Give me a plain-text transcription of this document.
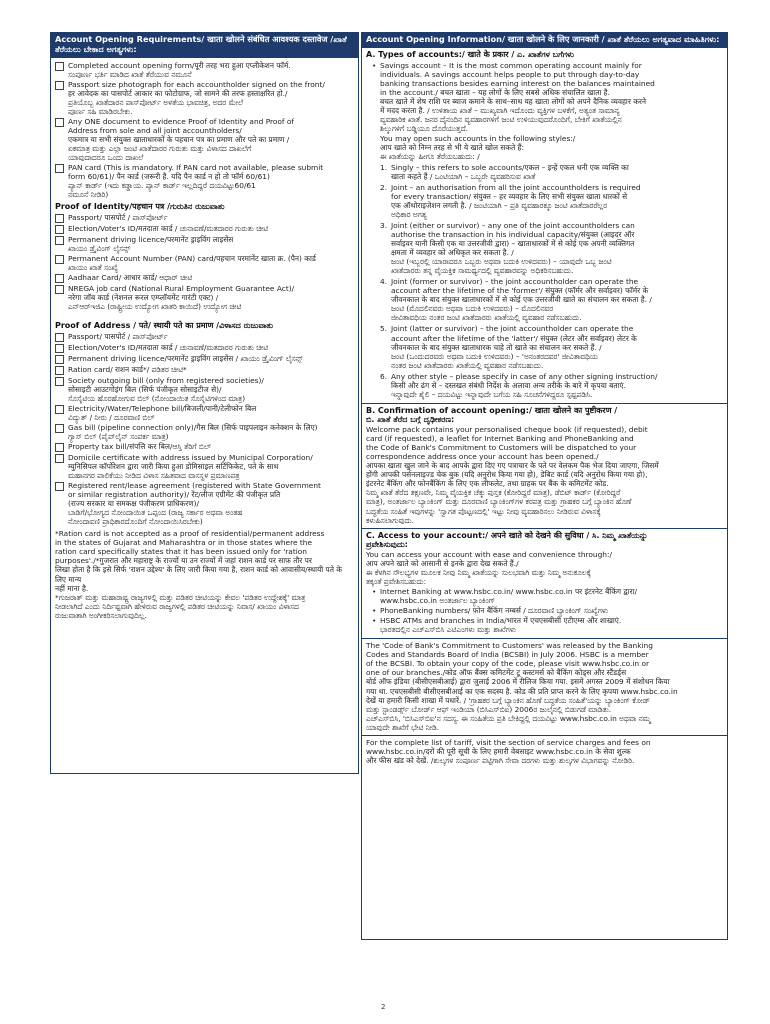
Account Opening Requirements/ खाता खोलने संबंधित आवश्यक दस्तावेज /ಖಾತೆ ತೆರೆಯಲು ಬೇಕಾದ ಅಗತ್ಯಗಳು:
Completed account opening form/पूरी तरह भरा हुआ एप्लीकेशन फॉर्म.
ಸಂಪೂರ್ಣ ಭರ್ತಿ ಮಾಡಿದ ಖಾತೆ ತೆರೆಯುವ ನಮೂನೆ
Passport size photograph for each accountholder signed on the front/
हर आवेदक का पासपोर्ट आकार का फोटोग्राफ, जो सामने की तरफ हस्ताक्षरित हो./
ಪ್ರತಿಯೊಬ್ಬ ಖಾತೆದಾರನ ಪಾಸ್‌ಪೋರ್ಟ್ ಅಳತೆಯ ಭಾವಚಿತ್ರ, ಅದರ ಮೇಲೆ
ಪೂರ್ಣ ಸಹಿ ಮಾಡಿರಬೇಕು.
Any ONE document to evidence Proof of Identity and Proof of
Address from sole and all joint accountholders/
एकमात्र या सभी संयुक्त खाताधारकों के पहचान पत्र का प्रमाण और पते का प्रमाण /
ಏಕಮಾತ್ರ ಮತ್ತು ಎಲ್ಲಾ ಜಂಟಿ ಖಾತೆದಾರರ ಗುರುತು ಮತ್ತು ವಿಳಾಸದ ದಾಖಲೆಗೆ
ಯಾವುದಾದರೂ ಒಂದು ದಾಖಲೆ
PAN card (This is mandatory. If PAN card not available, please submit
form 60/61)/ पैन कार्ड (जरूरी है. यदि पैन कार्ड न हो तो फॉर्म 60/61)
ಪ್ಯಾನ್ ಕಾರ್ಡ್ (ಇದು ಕಡ್ಡಾಯ. ಪ್ಯಾನ್ ಕಾರ್ಡ್ ಇಲ್ಲದಿದ್ದರೆ ದಯವಿಟ್ಟು60/61
ನಮೂನೆ ನೀಡಿರಿ)
Proof of Identity/पहचान पत्र /ಗುರುತಿನ ರುಜುವಾತು
Passport/ पासपोर्ट / ಪಾಸ್‌ಪೋರ್ಟ್
Election/Voter's ID/मतदाता कार्ड / ಚುನಾವಣೆ/ಮತದಾರರ ಗುರುತು ಚೀಟಿ
Permanent driving licence/परमानेंट ड्राइविंग लाइसेंस
ಖಾಯಂ ಡ್ರೈವಿಂಗ್ ಲೈಸನ್ಸ್
Permanent Account Number (PAN) card/पहचान परमानेंट खाता क्र. (पैन) कार्ड
ಖಾಯಂ ಖಾತೆ ಸಂಖ್ಯೆ
Aadhaar Card/ आधार कार्ड/ ಆಧಾರ್ ಚೀಟಿ
NREGA job card (National Rural Employment Guarantee Act)/
नरेगा जॉब कार्ड (नेशनल रूरल एम्प्लॉयमेंट गारंटी एक्ट) /
ಎನ್‌ಆರ್‌ಇಜಿಎ (ರಾಷ್ಟ್ರೀಯ ಉದ್ಯೋಗ ಖಾತರಿ ಕಾಯಿದೆ) ಉದ್ಯೋಗ ಚೀಟಿ
Proof of Address / पते/ स्थायी पते का प्रमाण /ವಿಳಾಸದ ರುಜುವಾತು
Passport/ पासपोर्ट / ಪಾಸ್‌ಪೋರ್ಟ್
Election/Voter's ID/मतदाता कार्ड / ಚುನಾವಣೆ/ಮತದಾರರ ಗುರುತು ಚೀಟಿ
Permanent driving licence/परमानेंट ड्राइविंग लाइसेंस / ಖಾಯಂ ಡ್ರೈವಿಂಗ್ ಲೈಸನ್ಸ್
Ration card/ राशन कार्ड*/ ಪಡಿತರ ಚೀಟಿ*
Society outgoing bill (only from registered societies)/
सोसाइटी आउटगोइंग बिल (सिर्फ पंजीकृत सोसाइटीज से)/
ಸೊಸೈಟಿಯ ಹೊರಹೋಗುವ ಬಿಲ್ (ನೋಂದಾಯಿತ ಸೊಸೈಟಿಗಳಿಂದ ಮಾತ್ರ)
Electricity/Water/Telephone bill/बिजली/पानी/टेलीफोन बिल
ವಿದ್ಯುತ್ / ನೀರು / ದೂರವಾಣಿ ಬಿಲ್
Gas bill (pipeline connection only)/गैस बिल (सिर्फ पाइपलाइन कनेक्शन के लिए)
ಗ್ಯಾಸ್ ಬಿಲ್ (ಪೈಪ್‌ಲೈನ್ ಸಂಪರ್ಕ ಮಾತ್ರ)
Property tax bill/संपत्ति कर बिल/ಆಸ್ತಿ ತೆರಿಗೆ ಬಿಲ್
Domicile certificate with address issued by Municipal Corporation/
म्युनिसिपल कॉर्पोरेशन द्वारा जारी किया हुआ डोमिसाइल सर्टिफिकेट, पते के साथ
ಮಹಾನಗರ ಪಾಲಿಕೆಯು ನೀಡಿದ ವಿಳಾಸ ಸಹಿತವಾದ ವಾಸಸ್ಥಳ ಪ್ರಮಾಣಪತ್ರ
Registered rent/lease agreement (registered with State Government
or similar registration authority)/ रेंट/लीज एग्रीमेंट की पंजीकृत प्रति
(राज्य सरकार या समकक्ष पंजीकरण प्राधिकरण)/
ಬಾಡಿಗೆ/ಭೋಗ್ಯದ ನೋಂದಾಯಿತ ಒಪ್ಪಂದ (ರಾಜ್ಯ ಸರ್ಕಾರ ಅಥವಾ ಅಂತಹ
ನೋಂದಾವಣಿ ಪ್ರಾಧಿಕಾರದೊಂದಿಗೆ ನೋಂದಾಯಿಸಿರಬೇಕು)
*Ration card is not accepted as a proof of residential/permanent address
in the states of Gujarat and Maharashtra or in those states where the
ration card specifically states that it has been issued only for 'ration
purposes'./*गुजरात और महाराष्ट्र के राज्यों या उन राज्यों में जहां राशन कार्ड पर साफ़ तौर पर
लिखा होता है कि इसे सिर्फ 'राशन उद्देश्य' के लिए जारी किया गया है, राशन कार्ड को आवासीय/स्थायी पते के लिए मान्य
नहीं माना है.
*ಗುಜರಾತ್ ಮತ್ತು ಮಹಾರಾಷ್ಟ್ರ ರಾಜ್ಯಗಳಲ್ಲಿ ಮತ್ತು ಪಡಿತರ ಚೀಟಿಯನ್ನು ಕೇವಲ 'ಪಡಿತರ ಉದ್ದೇಶಕ್ಕೆ' ಮಾತ್ರ
ನೀಡಲಾಗಿದೆ ಎಂದು ನಿರ್ದಿಷ್ಟವಾಗಿ ಹೇಳಿರುವ ರಾಜ್ಯಗಳಲ್ಲಿ ಪಡಿತರ ಚೀಟಿಯನ್ನು ನಿವಾಸ/ ಖಾಯಂ ವಿಳಾಸದ
ರುಜುವಾತಾಗಿ ಅಂಗೀಕರಿಸಲಾಗುವುದಿಲ್ಲ.
Account Opening Information/ खाता खोलने के लिए जानकारी / ಖಾತೆ ತೆರೆಯಲು ಅಗತ್ಯವಾದ ಮಾಹಿತಿಗಳು:
A. Types of accounts:/ खाते के प्रकार / ಎ. ಖಾತೆಗಳ ಬಗೆಗಳು
• Savings account – It is the most common operating account mainly for
individuals. A savings account helps people to put through day-to-day
banking transactions besides earning interest on the balances maintained
in the account./ बचत खाता – यह लोगों के लिए सबसे अधिक संचालित खाता है.
बचत खाते में शेष राशि पर ब्याज कमाने के साथ–साथ यह खाता लोगों को अपने दैनिक व्यवहार करने
में मदद करता है. / ಉಳಿತಾಯ ಖಾತೆ – ಮುಖ್ಯವಾಗಿ ಇದೊಂದು ವ್ಯಕ್ತಿಗಳ ಬಳಕೆಗೆ, ಅತ್ಯಂತ ಸಾಮಾನ್ಯ
ವ್ಯವಹಾರಿಕ ಖಾತೆ. ಜನರ ದೈನಂದಿನ ವ್ಯವಹಾರಗಳಿಗೆ ಜಂಟಿ ಉಳಿಯುವುದರೊಂದಿಗೆ, ಬೇಕಿಗೆ ಖಾತೆಯಲ್ಲಿನ
ಶಿಲ್ಕುಗಳಿಗೆ ಬಡ್ಡಿಯೂ ದೊರೆಯುತ್ತದೆ.
You may open such accounts in the following styles:/
आप खाते को निम्न तरह से भी ये खाते खोल सकते हैं:
ಈ ಖಾತೆಯನ್ನು ಹೀಗೂ ತೆರೆಯಬಹುದು: /
1. Singly – this refers to sole accounts/एकल – इन्हें एकल धनी एक व्यक्ति का
खाता कहते हैं / ಒಂಟಿಯಾಗಿ – ಒಬ್ಬರೇ ವ್ಯವಹರಿಸುವ ಖಾತೆ
2. Joint – an authorisation from all the joint accountholders is required
for every transaction/ संयुक्त – हर व्यवहार के लिए सभी संयुक्त खाता धारकों से
एक ऑथोराइजेशन लगती है. / ಜಂಟಿಯಾಗಿ – ಪ್ರತಿ ವ್ಯವಹಾರಕ್ಕೂ ಜಂಟಿ ಖಾತೆದಾರರೆಲ್ಲರ
ಅಧಿಕಾರ ಅಗತ್ಯ
3. Joint (either or survivor) – any one of the joint accountholders can
authorise the transaction in his individual capacity/संयुक्त (आइदर ऑर
सर्वाइवर यानी किसी एक या उत्तरजीवी द्वारा) – खाताधारकों में से कोई एक अपनी व्यक्तिगत
क्षमता में व्यवहार को अधिकृत कर सकता है. /
ಜಂಟಿ (ಇಬ್ಬರಲ್ಲಿ ಯಾರಾದರೂ ಒಬ್ಬರು ಅಥವಾ ಬದುಕಿ ಉಳಿದವರು) – ಯಾವುದೇ ಒಬ್ಬ ಜಂಟಿ
ಖಾತೆದಾರರು ತನ್ನ ವೈಯಕ್ತಿಕ ಸಾಮರ್ಥ್ಯದಲ್ಲಿ ವ್ಯವಹಾರವನ್ನು ಅಧಿಕರಿಸಬಹುದು.
4. Joint (former or survivor) – the joint accountholder can operate the
account after the lifetime of the 'former'/ संयुक्त (फॉर्मर और सर्वाइवर) फॉर्मर के
जीवनकाल के बाद संयुक्त खाताधारकों में से कोई एक उत्तरजीवी खाते का संचालन कर सकता है. /
ಜಂಟಿ (ಮೊದಲಿನವರು ಅಥವಾ ಬದುಕಿ ಉಳಿದವರು) – ಮೊದಲಿನವರ
ಜೀವಿತಾವಧಿಯ ನಂತರ ಜಂಟಿ ಖಾತೆದಾರರು ಖಾತೆಯಲ್ಲಿ ವ್ಯವಹಾರ ನಡೆಸಬಹುದು.
5. Joint (latter or survivor) – the joint accountholder can operate the
account after the lifetime of the 'latter'/ संयुक्त (लेटर और सर्वाइवर) लेटर के
जीवनकाल के बाद संयुक्त खाताधारक चाहे तो खाते का संचालन कर सकते हैं. /
ಜಂಟಿ (ಒಂದುದರವರು ಅಥವಾ ಬದುಕಿ ಉಳಿದವರು) – 'ಅನಂತರದವರ' ಜೀವಿತಾವಧಿಯ
ನಂತರ ಜಂಟಿ ಖಾತೆದಾರರು ಖಾತೆಯಲ್ಲಿ ವ್ಯವಹಾರ ನಡೆಸಬಹುದು.
6. Any other style – please specify in case of any other signing instruction/
किसी और ढंग से – दस्तखत संबंधी निर्देश के अलावा अन्य तरीके के बारे में कृपया बताएं.
ಇನ್ನಾವುದೇ ಶೈಲಿ – ದಯವಿಟ್ಟು ಇನ್ನಾವುದೇ ಬಗೆಯ ಸಹಿ ಸೂಚನೆಗಳಿದ್ದರೂ ಸ್ಪಷ್ಟಪಡಿಸಿ.
B. Confirmation of account opening:/ खाता खोलने का पुष्टीकरण /
ಬಿ. ಖಾತೆ ತೆರೆದ ಬಗ್ಗೆ ದೃಢೀಕರಣ:
Welcome pack contains your personalised cheque book (if requested), debit
card (if requested), a leaflet for Internet Banking and PhoneBanking and
the Code of Bank's Commitment to Customers will be dispatched to your
correspondence address once your account has been opened./
आपका खाता खुल जाने के बाद आपके द्वारा दिए गए पत्राचार के पते पर वेलकम पैक भेज दिया जाएगा, जिसमें
होंगी आपकी पर्सनलाइज्ड चेक बुक (यदि अनुरोध किया गया हो), डेबिट कार्ड (यदि अनुरोध किया गया हो),
इंटरनेट बैंकिंग और फोनबैंकिंग के लिए एक लीफलेट, तथा ग्राहक पर बैंक के कमिटमेंट कोड.
ನಿಮ್ಮ ಖಾತೆ ತೆರೆದ ತಕ್ಷಣವೇ, ನಿಮ್ಮ ವೈಯಕ್ತಿಕ ಚೆಕ್ಕು ಪುಸ್ತಕ (ಕೋರಿದ್ದರೆ ಮಾತ್ರ), ಡೆಬಿಟ್ ಕಾರ್ಡ್ (ಕೋರಿದ್ದರೆ
ಮಾತ್ರ), ಅಂತರ್ಜಾಲ ಬ್ಯಾಂಕಿಂಗ್ ಮತ್ತು ದೂರವಾಣಿ ಬ್ಯಾಂಕಿಂಗ್‌ಗಳ ಕರಪತ್ರ ಮತ್ತು ಗ್ರಾಹಕರ ಬಗ್ಗೆ ಬ್ಯಾಂಕಿನ ಹೊಣೆ
ಬದ್ಧತೆಯ ಸಂಹಿತೆ ಇವುಗಳನ್ನು 'ಸ್ವಾಗತ ಪೊಟ್ಟಣದಲ್ಲಿ' ಇಟ್ಟು ನೀವು ವ್ಯವಹಾರಿಸಲು ನೀಡಿರುವ ವಿಳಾಸಕ್ಕೆ
ಕಳುಹಿಸಲಾಗುವುದು.
C. Access to your account:/ अपने खाते को देखने की सुविधा / ಸಿ. ನಿಮ್ಮ ಖಾತೆಯನ್ನು
ಪ್ರವೇಶಿಸುವುದು:
You can access your account with ease and convenience through:/
आप अपने खाते को आसानी से इनके द्वारा देख सकते हैं./
ಈ ಕೆಳಗಿನ ಸೌಲಭ್ಯಗಳ ಮೂಲಕ ನೀವು ನಿಮ್ಮ ಖಾತೆಯನ್ನು ಸುಲಭವಾಗಿ ಮತ್ತು ನಿಮ್ಮ ಅನುಕೂಲಕ್ಕೆ
ತಕ್ಕಂತೆ ಪ್ರವೇಶಿಸಬಹುದು:
• Internet Banking at www.hsbc.co.in/ www.hsbc.co.in पर इंटरनेट बैंकिंग द्वारा/
www.hsbc.co.in ಅಂತರ್ಜಾಲ ಬ್ಯಾಂಕಿಂಗ್
• PhoneBanking numbers/ फ़ोन बैंकिंग नम्बर्स / ದೂರವಾಣಿ ಬ್ಯಾಂಕಿಂಗ್ ಸಂಖ್ಯೆಗಳು
• HSBC ATMs and branches in India/भारत में एचएसबीसी एटीएम्स और शाखाएं.
ಭಾರತದಲ್ಲಿನ ಎಚ್‌ಎಸ್‌ಬಿಸಿ ಎಟಿಎಂಗಳು ಮತ್ತು ಶಾಖೆಗಳು
The 'Code of Bank's Commitment to Customers' was released by the Banking
Codes and Standards Board of India (BCSBI) in July 2006. HSBC is a member
of the BCSBI. To obtain your copy of the code, please visit www.hsbc.co.in or
one of our branches./कोड ऑफ बैंक्स कमिटमेंट टू कस्टमर्स को बैंकिंग कोड्स और स्टैंडर्ड्स
बोर्ड ऑफ इंडिया (बीसीएसबीआई) द्वारा जुलाई 2006 में रीलिज किया गया. इसमें अगस्त 2009 में संशोधन किया
गया था. एचएसबीसी बीसीएसबीआई का एक सदस्य है. कोड की प्रति प्राप्त करने के लिए कृपया www.hsbc.co.in
देखें या हमारी किसी शाखा में पधारें. / 'ಗ್ರಾಹಕರ ಬಗ್ಗೆ ಬ್ಯಾಂಕಿನ ಹೊಣೆ ಬದ್ಧತೆಯ ಸಂಹಿತೆ'ಯನ್ನು ಬ್ಯಾಂಕಿಂಗ್ ಕೋಡ್
ಮತ್ತು ಸ್ಟಾಂಡರ್ಡ್ಸ್ ಬೋರ್ಡ್ ಆಫ್ ಇಂಡಿಯಾ (ಬಿಸಿಎಸ್‌ಬಿಐ) 2006ರ ಜುಲೈನಲ್ಲಿ ಬಿಡುಗಡೆ ಮಾಡಿತು.
ಎಚ್‌ಎಸ್‌ಬಿಸಿ, 'ಬಿಸಿಎಸ್‌ಬಿಐ'ನ ಸದಸ್ಯ. ಈ ಸಂಹಿತೆಯ ಪ್ರತಿ ಬೇಕಿದ್ದಲ್ಲಿ ದಯವಿಟ್ಟು www.hsbc.co.in ಅಥವಾ ನಮ್ಮ
ಯಾವುದೇ ಶಾಖೆಗೆ ಭೇಟಿ ನೀಡಿ.
For the complete list of tariff, visit the section of service charges and fees on
www.hsbc.co.in/दरों की पूरी सूची के लिए हमारी वेबसाइट www.hsbc.co.in के सेवा शुल्क
और फीस खंड को देखें. /ಶುಲ್ಕಗಳ ಸಂಪೂರ್ಣ ಪಟ್ಟಿಗಾಗಿ ಸೇವಾ ದರಗಳು ಮತ್ತು ಶುಲ್ಕಗಳ ವಿಭಾಗವನ್ನು ನೋಡಿರಿ.
2
